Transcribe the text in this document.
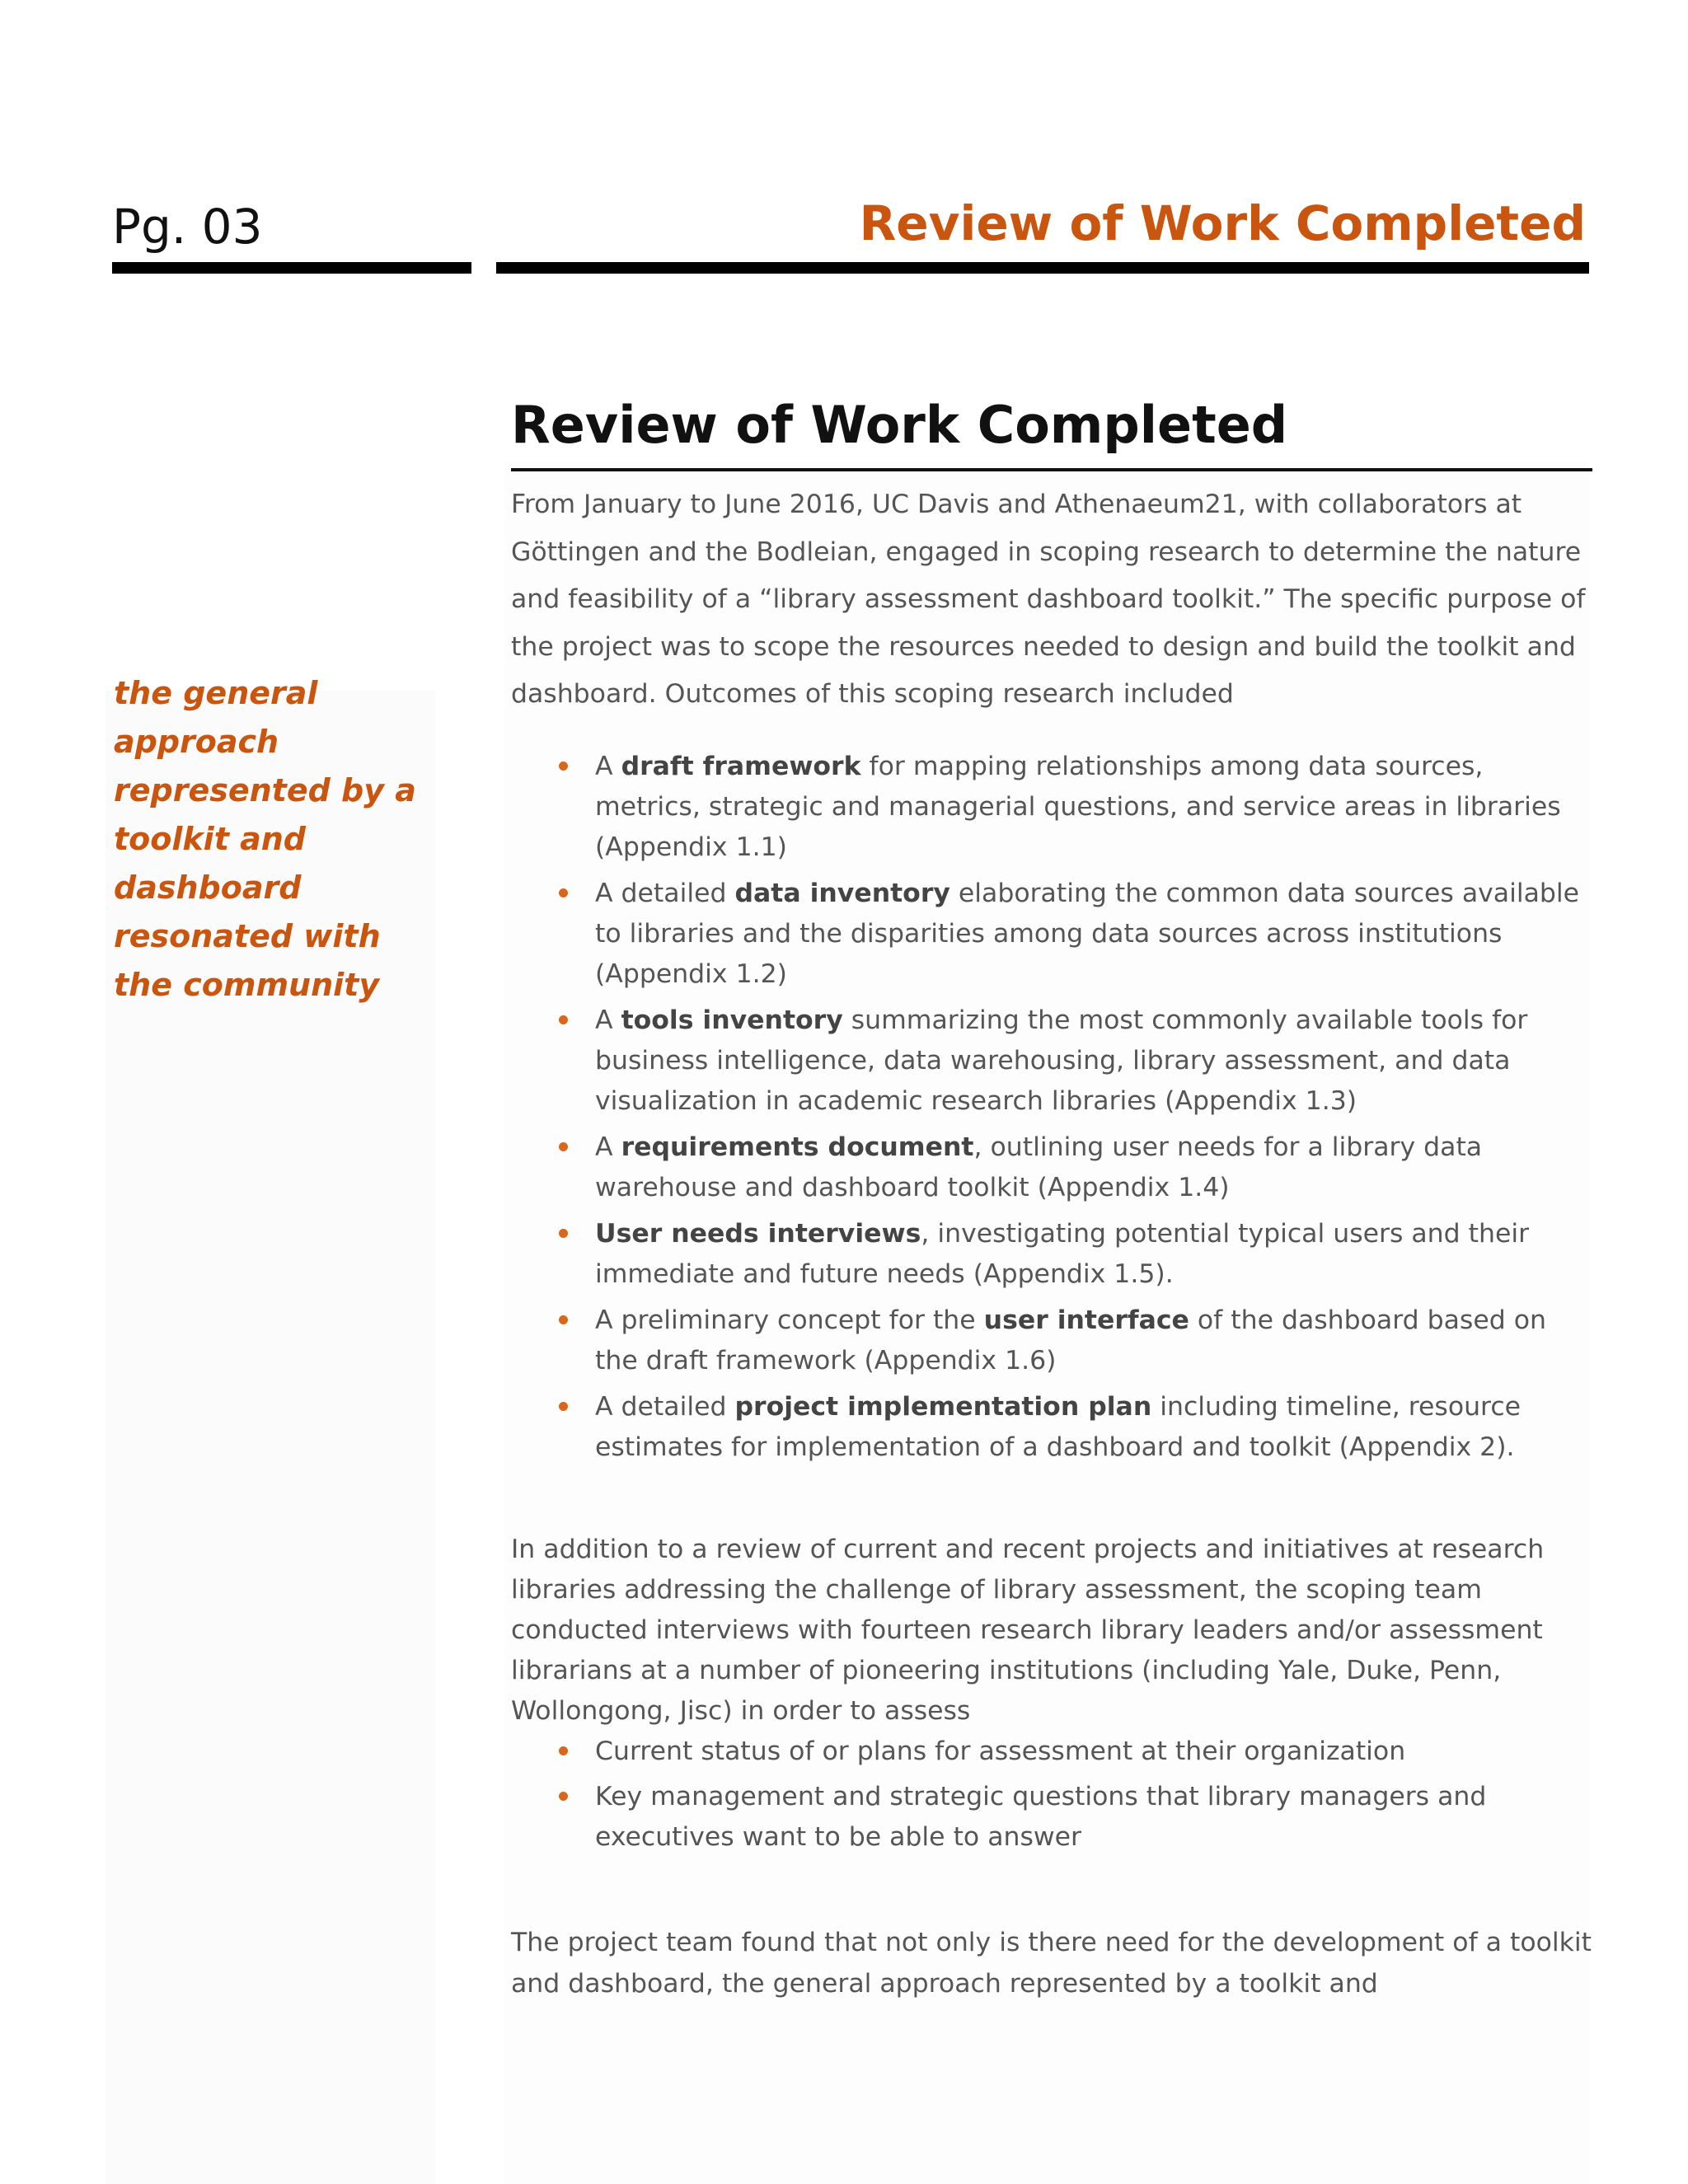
Pg. 03	Review of Work Completed

the general approach represented by a toolkit and dashboard resonated with the community

Review of Work Completed

From January to June 2016, UC Davis and Athenaeum21, with collaborators at Göttingen and the Bodleian, engaged in scoping research to determine the nature and feasibility of a “library assessment dashboard toolkit.” The specific purpose of the project was to scope the resources needed to design and build the toolkit and dashboard. Outcomes of this scoping research included

A draft framework for mapping relationships among data sources, metrics, strategic and managerial questions, and service areas in libraries (Appendix 1.1)
A detailed data inventory elaborating the common data sources available to libraries and the disparities among data sources across institutions (Appendix 1.2)
A tools inventory summarizing the most commonly available tools for business intelligence, data warehousing, library assessment, and data visualization in academic research libraries (Appendix 1.3)
A requirements document, outlining user needs for a library data warehouse and dashboard toolkit (Appendix 1.4)
User needs interviews, investigating potential typical users and their immediate and future needs (Appendix 1.5).
A preliminary concept for the user interface of the dashboard based on the draft framework (Appendix 1.6)
A detailed project implementation plan including timeline, resource estimates for implementation of a dashboard and toolkit (Appendix 2).

In addition to a review of current and recent projects and initiatives at research libraries addressing the challenge of library assessment, the scoping team conducted interviews with fourteen research library leaders and/or assessment librarians at a number of pioneering institutions (including Yale, Duke, Penn, Wollongong, Jisc) in order to assess

Current status of or plans for assessment at their organization
Key management and strategic questions that library managers and executives want to be able to answer

The project team found that not only is there need for the development of a toolkit and dashboard, the general approach represented by a toolkit and
